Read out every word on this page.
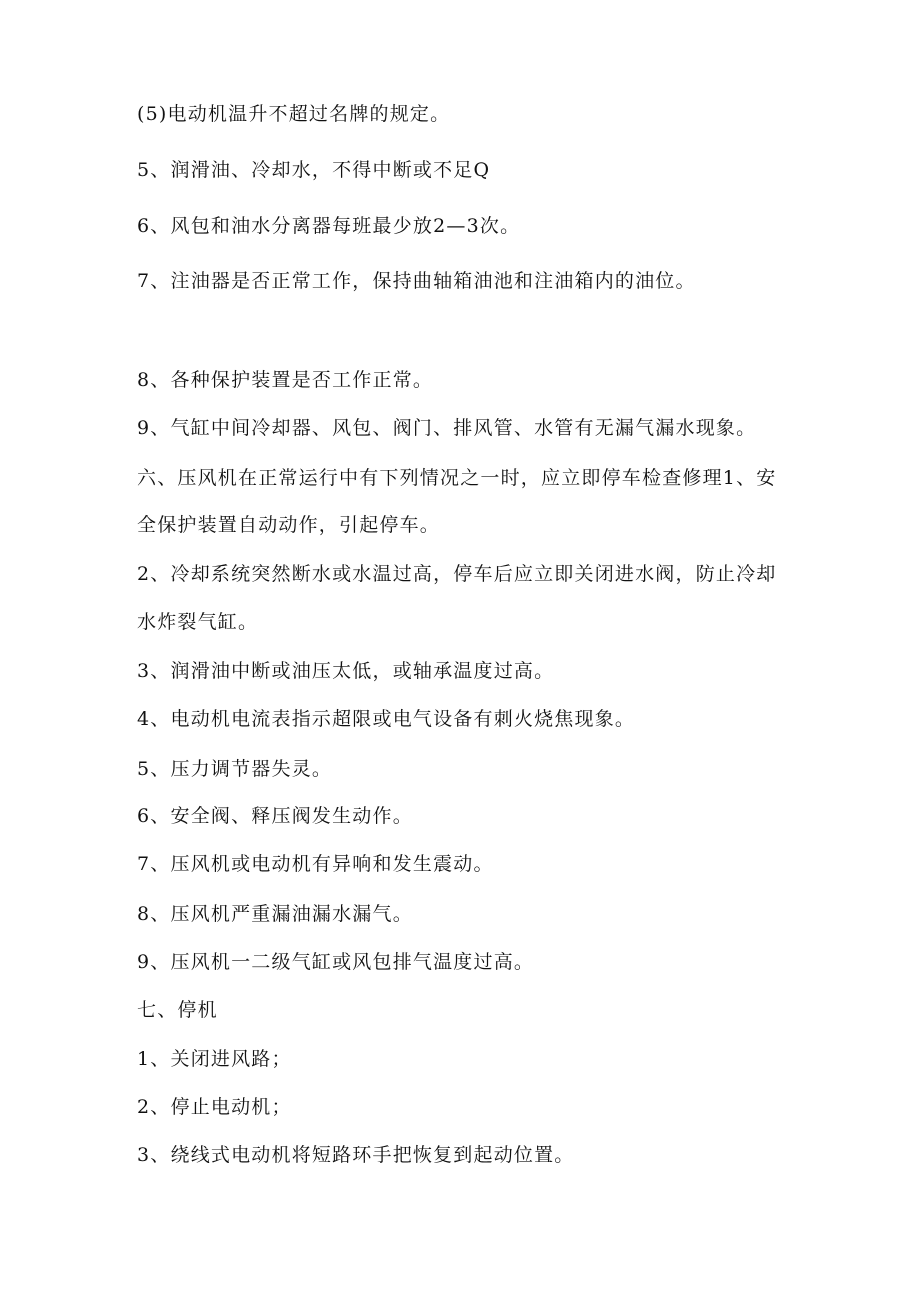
(5)电动机温升不超过名牌的规定。
5、润滑油、冷却水，不得中断或不足Q
6、风包和油水分离器每班最少放2—3次。
7、注油器是否正常工作，保持曲轴箱油池和注油箱内的油位。
8、各种保护装置是否工作正常。
9、气缸中间冷却器、风包、阀门、排风管、水管有无漏气漏水现象。
六、压风机在正常运行中有下列情况之一时，应立即停车检查修理1、安
全保护装置自动动作，引起停车。
2、冷却系统突然断水或水温过高，停车后应立即关闭进水阀，防止冷却
水炸裂气缸。
3、润滑油中断或油压太低，或轴承温度过高。
4、电动机电流表指示超限或电气设备有刺火烧焦现象。
5、压力调节器失灵。
6、安全阀、释压阀发生动作。
7、压风机或电动机有异响和发生震动。
8、压风机严重漏油漏水漏气。
9、压风机一二级气缸或风包排气温度过高。
七、停机
1、关闭进风路；
2、停止电动机；
3、绕线式电动机将短路环手把恢复到起动位置。
